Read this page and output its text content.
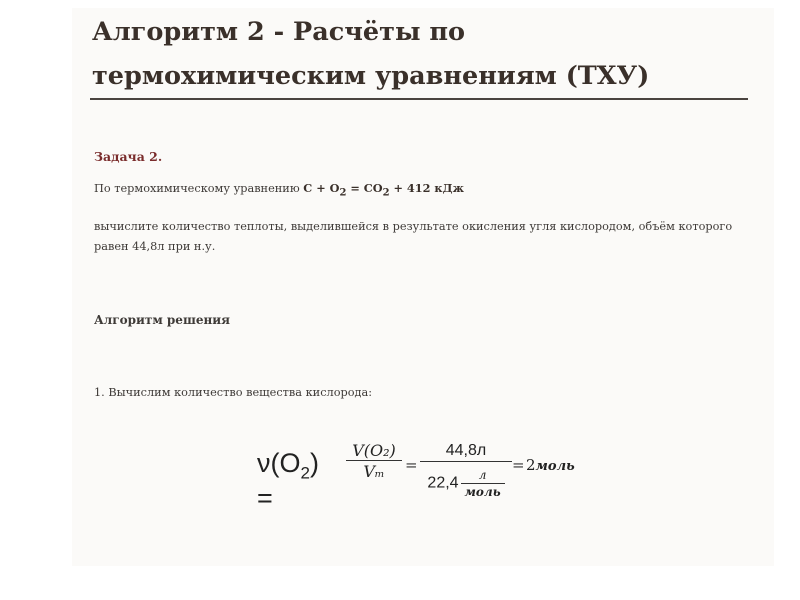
Алгоритм 2 - Расчёты по
термохимическим уравнениям (ТХУ)
Задача 2.
По термохимическому уравнению $C + O_2 = CO_2 + 412$ кДж
вычислите количество теплоты, выделившейся в результате окисления угля кислородом, объём которого равен 44,8л при н.у.
Алгоритм решения
1. Вычислим количество вещества кислорода:
$\nu(O_2)$ =
V(O₂)
Vₘ	=
44,8л
$22,4 \frac{л}{\text{моль}}$
= 2моль
